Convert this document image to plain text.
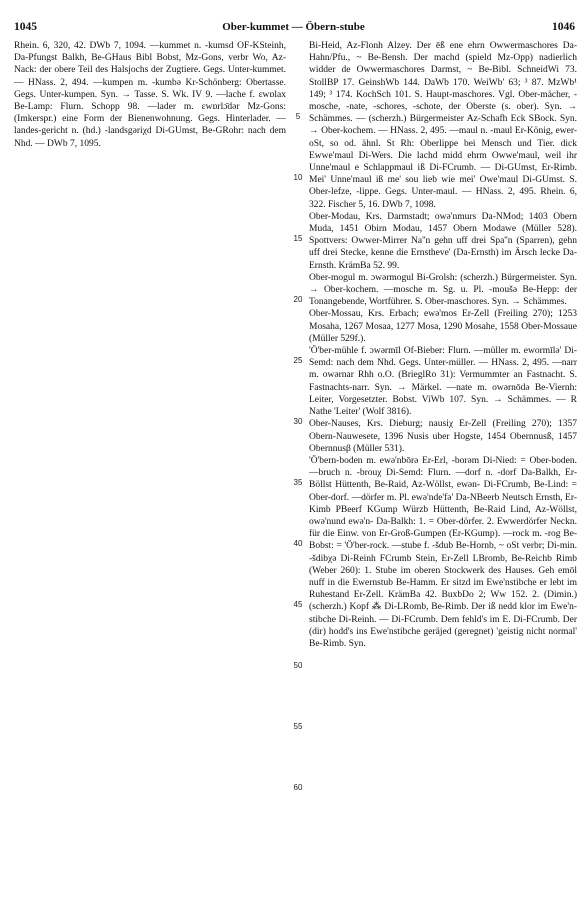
1045	Ober-kummet — Öbern-stube	1046

Rhein. 6, 320, 42. DWb 7, 1094. —kummet n. -kumsd OF-KSteinh, Da-Pfungst Balkh, Be-GHaus Bibl Bobst, Mz-Gons, verbr Wo, Az-Nack: der obere Teil des Halsjochs der Zugtiere. Gegs. Unter-kummet. — HNass. 2, 494. —kumpen m. -kumbə Kr-Schönberg: Obertasse. Gegs. Unter-kumpen. Syn. → Tasse. S. Wk. IV 9. —lache f. ɛwɒlax Be-Lamp: Flurn. Schopp 98. —lader m. ɛwɒrlɔ̄dər Mz-Gons: (Imkerspr.) eine Form der Bienenwohnung. Gegs. Hinterlader. —landes-gericht n. (hd.) -landsgəriχd Di-GUmst, Be-GRohr: nach dem Nhd. — DWb 7, 1095.

5
10
15
20
25
30
35
40
45
50
55
60

Bi-Heid, Az-Flonh Alzey. Der ēß ene ehrn Owwermaschores Da-Hahn/Pfu., ~ Be-Bensh. Der machd (spield Mz-Opp) nadierlich widder de Owwermaschores Darmst, ~ Be-Bibl. SchneidWi 73. StollBP 17. GeinshWb 144. DaWb 170. WeiWb' 63; ³ 87. MzWb¹ 149; ³ 174. KochSch 101. S. Haupt-maschores. Vgl. Ober-mächer, -mosche, -nate, -schores, -schote, der Oberste (s. ober). Syn. → Schämmes. — (scherzh.) Bürgermeister Az-Schafh Eck SBock. Syn. → Ober-kochem. — HNass. 2, 495. —maul n. -maul Er-König, ewer- oSt, so od. ähnl. St Rh: Oberlippe bei Mensch und Tier. dick Ewwe'maul Di-Wers. Die lachd midd ehrm Owwe'maul, weil ihr Unne'maul e Schlappmaul iß Di-FCrumb. — Di-GUmst, Er-Rimb. Mei' Unne'maul iß me' sou lieb wie mei' Owe'maul Di-GUmst. S. Ober-lefze, -lippe. Gegs. Unter-maul. — HNass. 2, 495. Rhein. 6, 322. Fischer 5, 16. DWb 7, 1098.

Ober-Modau, Krs. Darmstadt; owə'nmurs Da-NMod; 1403 Obern Muda, 1451 Obirn Modau, 1457 Obern Modawe (Müller 528). Spottvers: Owwer-Mirrer Na''n gehn uff drei Spa''n (Sparren), gehn uff drei Stecke, kenne die Ernstheve' (Da-Ernsth) im Ärsch lecke Da-Ernsth. KrämBa 52. 99.

Ober-mogul m. ɔwərmogul Bi-Grolsh: (scherzh.) Bürgermeister. Syn. → Ober-kochem. —mosche m. Sg. u. Pl. -moušə Be-Hepp: der Tonangebende, Wortführer. S. Ober-maschores. Syn. → Schämmes.

Ober-Mossau, Krs. Erbach; ewə'mos Er-Zell (Freiling 270); 1253 Mosaha, 1267 Mosaa, 1277 Mosa, 1290 Mosahe, 1558 Ober-Mossaue (Müller 529f.).

'Ö'ber-mühle f. ɔwərmīl Of-Bieber: Flurn. —müller m. ewormīlə' Di-Semd: nach dem Nhd. Gegs. Unter-müller. — HNass. 2, 495. —narr m. owərnar Rhh o.O. (BrieglRo 31): Vermummter an Fastnacht. S. Fastnachts-narr. Syn. → Märkel. —nate m. owərnōdə Be-Viernh: Leiter, Vorgesetzter. Bobst. ViWb 107. Syn. → Schämmes. — R Nathe 'Leiter' (Wolf 3816).

Ober-Nauses, Krs. Dieburg; nausiχ Er-Zell (Freiling 270); 1357 Obern-Nauwesete, 1396 Nusis uber Hogste, 1454 Obernnusß, 1457 Obernnusβ (Müller 531).

'Ö'bern-boden m. ewə'nbōrə Er-Erl, -borəm Di-Nied: = Ober-boden. —bruch n. -brouχ Di-Semd: Flurn. —dorf n. -dorf Da-Balkh, Er-Böllst Hüttenth, Be-Raid, Az-Wöllst, ewən- Di-FCrumb, Be-Lind: = Ober-dorf. —dörfer m. Pl. ewə'nde'fə' Da-NBeerb Neutsch Ernsth, Er-Kimb PBeerf KGump Würzb Hüttenth, Be-Raid Lind, Az-Wöllst, owə'nund ewə'n- Da-Balkh: 1. = Ober-dörfer. 2. Ewwerdörfer Neckn. für die Einw. von Er-Groß-Gumpen (Er-KGump). —rock m. -rog Be-Bobst: = 'Ö'ber-rock. —stube f. -šdub Be-Hornb, ~ oSt verbr; Di-min. -šdibχə Di-Reinh FCrumb Stein, Er-Zell LBromb, Be-Reichb Rimb (Weber 260): 1. Stube im oberen Stockwerk des Hauses. Geh emōl nuff in die Ewernstub Be-Hamm. Er sitzd im Ewe'nstibche er lebt im Ruhestand Er-Zell. KrämBa 42. BuxbDo 2; Ww 152. 2. (Dimin.) (scherzh.) Kopf ⁂ Di-LRomb, Be-Rimb. Der iß nedd klor im Ewe'n-stibche Di-Reinh. — Di-FCrumb. Dem fehld's im E. Di-FCrumb. Der (dir) hodd's ins Ewe'nstibche geräjed (geregnet) 'geistig nicht normal' Be-Rimb. Syn.
